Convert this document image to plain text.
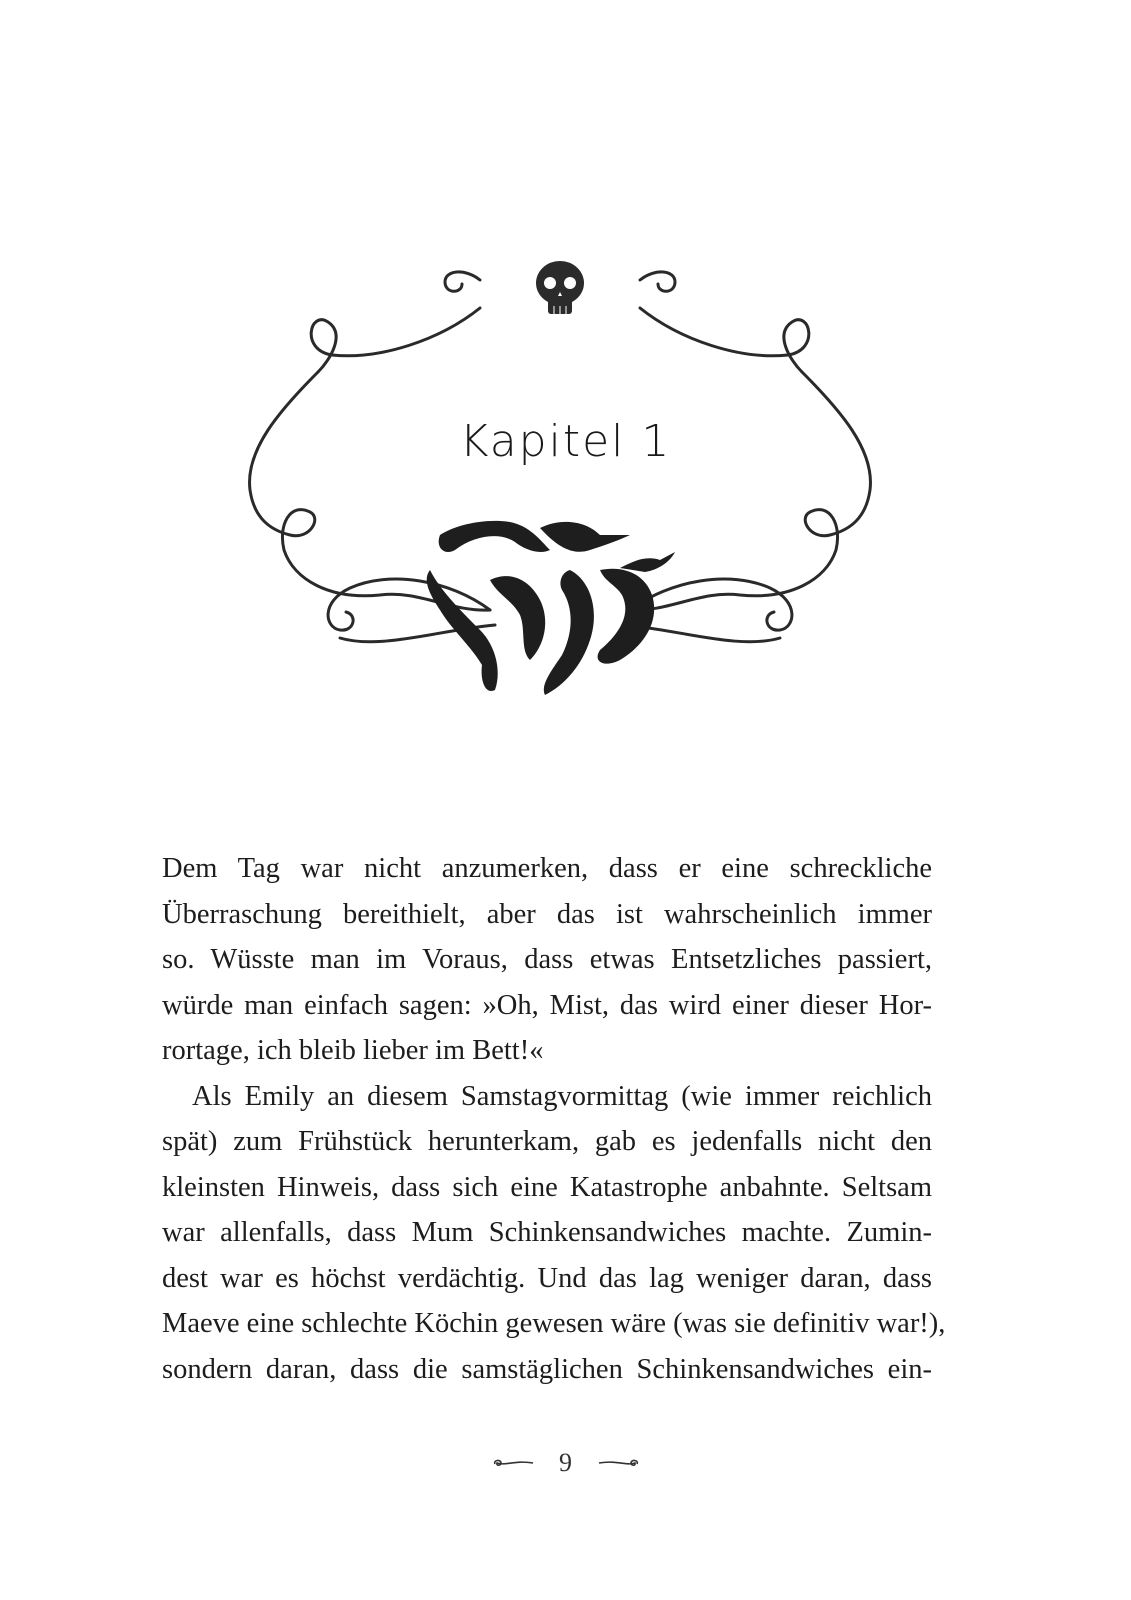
Kapitel 1
Dem Tag war nicht anzumerken, dass er eine schreckliche
Überraschung bereithielt, aber das ist wahrscheinlich immer
so. Wüsste man im Voraus, dass etwas Entsetzliches passiert,
würde man einfach sagen: »Oh, Mist, das wird einer dieser Hor-
rortage, ich bleib lieber im Bett!«
Als Emily an diesem Samstagvormittag (wie immer reichlich
spät) zum Frühstück herunterkam, gab es jedenfalls nicht den
kleinsten Hinweis, dass sich eine Katastrophe anbahnte. Seltsam
war allenfalls, dass Mum Schinkensandwiches machte. Zumin-
dest war es höchst verdächtig. Und das lag weniger daran, dass
Maeve eine schlechte Köchin gewesen wäre (was sie definitiv war!),
sondern daran, dass die samstäglichen Schinkensandwiches ein-
9
